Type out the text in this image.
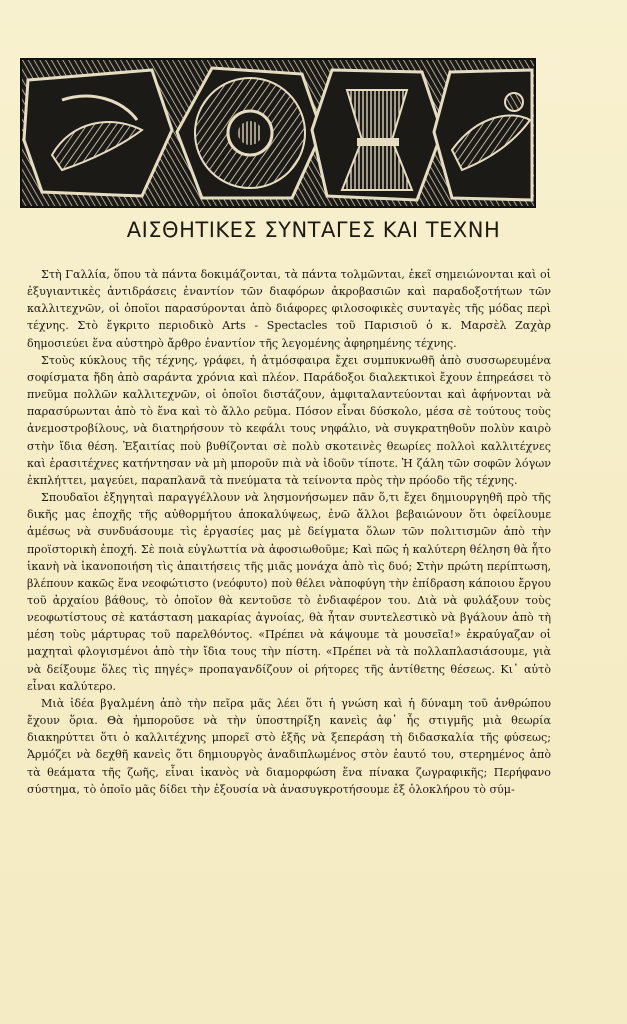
ΑΙΣΘΗΤΙΚΕΣ ΣΥΝΤΑΓΕΣ ΚΑΙ ΤΕΧΝΗ

Στὴ Γαλλία, ὅπου τὰ πάντα δοκιμάζονται, τὰ πάντα τολμῶνται, ἐκεῖ σημειώνονται καὶ οἱ ἐξυγιαντικὲς ἀντιδράσεις ἐναντίον τῶν διαφόρων ἀκροβασιῶν καὶ παραδοξοτήτων τῶν καλλιτεχνῶν, οἱ ὁποῖοι παρασύρονται ἀπὸ διάφορες φιλοσοφικὲς συνταγὲς τῆς μόδας περὶ τέχνης. Στὸ ἔγκριτο περιοδικὸ Arts - Spectacles τοῦ Παρισιοῦ ὁ κ. Μαρσὲλ Ζαχὰρ δημοσιεύει ἕνα αὐστηρὸ ἄρθρο ἐναντίον τῆς λεγομένης ἀφηρημένης τέχνης.

Στοὺς κύκλους τῆς τέχνης, γράφει, ἡ ἀτμόσφαιρα ἔχει συμπυκνωθῆ ἀπὸ συσσωρευμένα σοφίσματα ἤδη ἀπὸ σαράντα χρόνια καὶ πλέον. Παράδοξοι διαλεκτικοὶ ἔχουν ἐπηρεάσει τὸ πνεῦμα πολλῶν καλλιτεχνῶν, οἱ ὁποῖοι διστάζουν, ἀμφιταλαντεύονται καὶ ἀφήνονται νὰ παρασύρωνται ἀπὸ τὸ ἕνα καὶ τὸ ἄλλο ρεῦμα. Πόσον εἶναι δύσκολο, μέσα σὲ τούτους τοὺς ἀνεμοστροβίλους, νὰ διατηρήσουν τὸ κεφάλι τους νηφάλιο, νὰ συγκρατηθοῦν πολὺν καιρὸ στὴν ἴδια θέση. Ἐξαιτίας ποὺ βυθίζονται σὲ πολὺ σκοτεινὲς θεωρίες πολλοὶ καλλιτέχνες καὶ ἐρασιτέχνες κατήντησαν νὰ μὴ μποροῦν πιὰ νὰ ἰδοῦν τίποτε. Ἡ ζάλη τῶν σοφῶν λόγων ἐκπλήττει, μαγεύει, παραπλανᾶ τὰ πνεύματα τὰ τείνοντα πρὸς τὴν πρόοδο τῆς τέχνης.

Σπουδαῖοι ἐξηγηταὶ παραγγέλλουν νὰ λησμονήσωμεν πᾶν ὅ,τι ἔχει δημιουργηθῆ πρὸ τῆς δικῆς μας ἐποχῆς τῆς αὐθορμήτου ἀποκαλύψεως, ἐνῶ ἄλλοι βεβαιώνουν ὅτι ὀφείλουμε ἀμέσως νὰ συνδυάσουμε τὶς ἐργασίες μας μὲ δείγματα ὅλων τῶν πολιτισμῶν ἀπὸ τὴν προϊστορικὴ ἐποχή. Σὲ ποιὰ εὐγλωττία νὰ ἀφοσιωθοῦμε; Καὶ πῶς ἡ καλύτερη θέληση θὰ ἦτο ἱκανὴ νὰ ἱκανοποιήση τὶς ἀπαιτήσεις τῆς μιᾶς μονάχα ἀπὸ τὶς δυό; Στὴν πρώτη περίπτωση, βλέπουν κακῶς ἕνα νεοφώτιστο (νεόφυτο) ποὺ θέλει νὰποφύγη τὴν ἐπίδραση κάποιου ἔργου τοῦ ἀρχαίου βάθους, τὸ ὁποῖον θὰ κεντοῦσε τὸ ἐνδιαφέρον του. Διὰ νὰ φυλάξουν τοὺς νεοφωτίστους σὲ κατάσταση μακαρίας ἀγνοίας, θὰ ἦταν συντελεστικὸ νὰ βγάλουν ἀπὸ τὴ μέση τοὺς μάρτυρας τοῦ παρελθόντος. «Πρέπει νὰ κάψουμε τὰ μουσεῖα!» ἐκραύγαζαν οἱ μαχηταὶ φλογισμένοι ἀπὸ τὴν ἴδια τους τὴν πίστη. «Πρέπει νὰ τὰ πολλαπλασιάσουμε, γιὰ νὰ δείξουμε ὅλες τὶς πηγές» προπαγανδίζουν οἱ ρήτορες τῆς ἀντίθετης θέσεως. Κι᾿ αὐτὸ εἶναι καλύτερο.

Μιὰ ἰδέα βγαλμένη ἀπὸ τὴν πεῖρα μᾶς λέει ὅτι ἡ γνώση καὶ ἡ δύναμη τοῦ ἀνθρώπου ἔχουν ὅρια. Θὰ ἠμποροῦσε νὰ τὴν ὑποστηρίξη κανεὶς ἀφ᾿ ἧς στιγμῆς μιὰ θεωρία διακηρύττει ὅτι ὁ καλλιτέχνης μπορεῖ στὸ ἑξῆς νὰ ξεπεράση τὴ διδασκαλία τῆς φύσεως; Ἁρμόζει νὰ δεχθῆ κανεὶς ὅτι δημιουργὸς ἀναδιπλωμένος στὸν ἑαυτό του, στερημένος ἀπὸ τὰ θεάματα τῆς ζωῆς, εἶναι ἱκανὸς νὰ διαμορφώση ἕνα πίνακα ζωγραφικῆς; Περήφανο σύστημα, τὸ ὁποῖο μᾶς δίδει τὴν ἐξουσία νὰ ἀνασυγκροτήσουμε ἐξ ὁλοκλήρου τὸ σύμ-
